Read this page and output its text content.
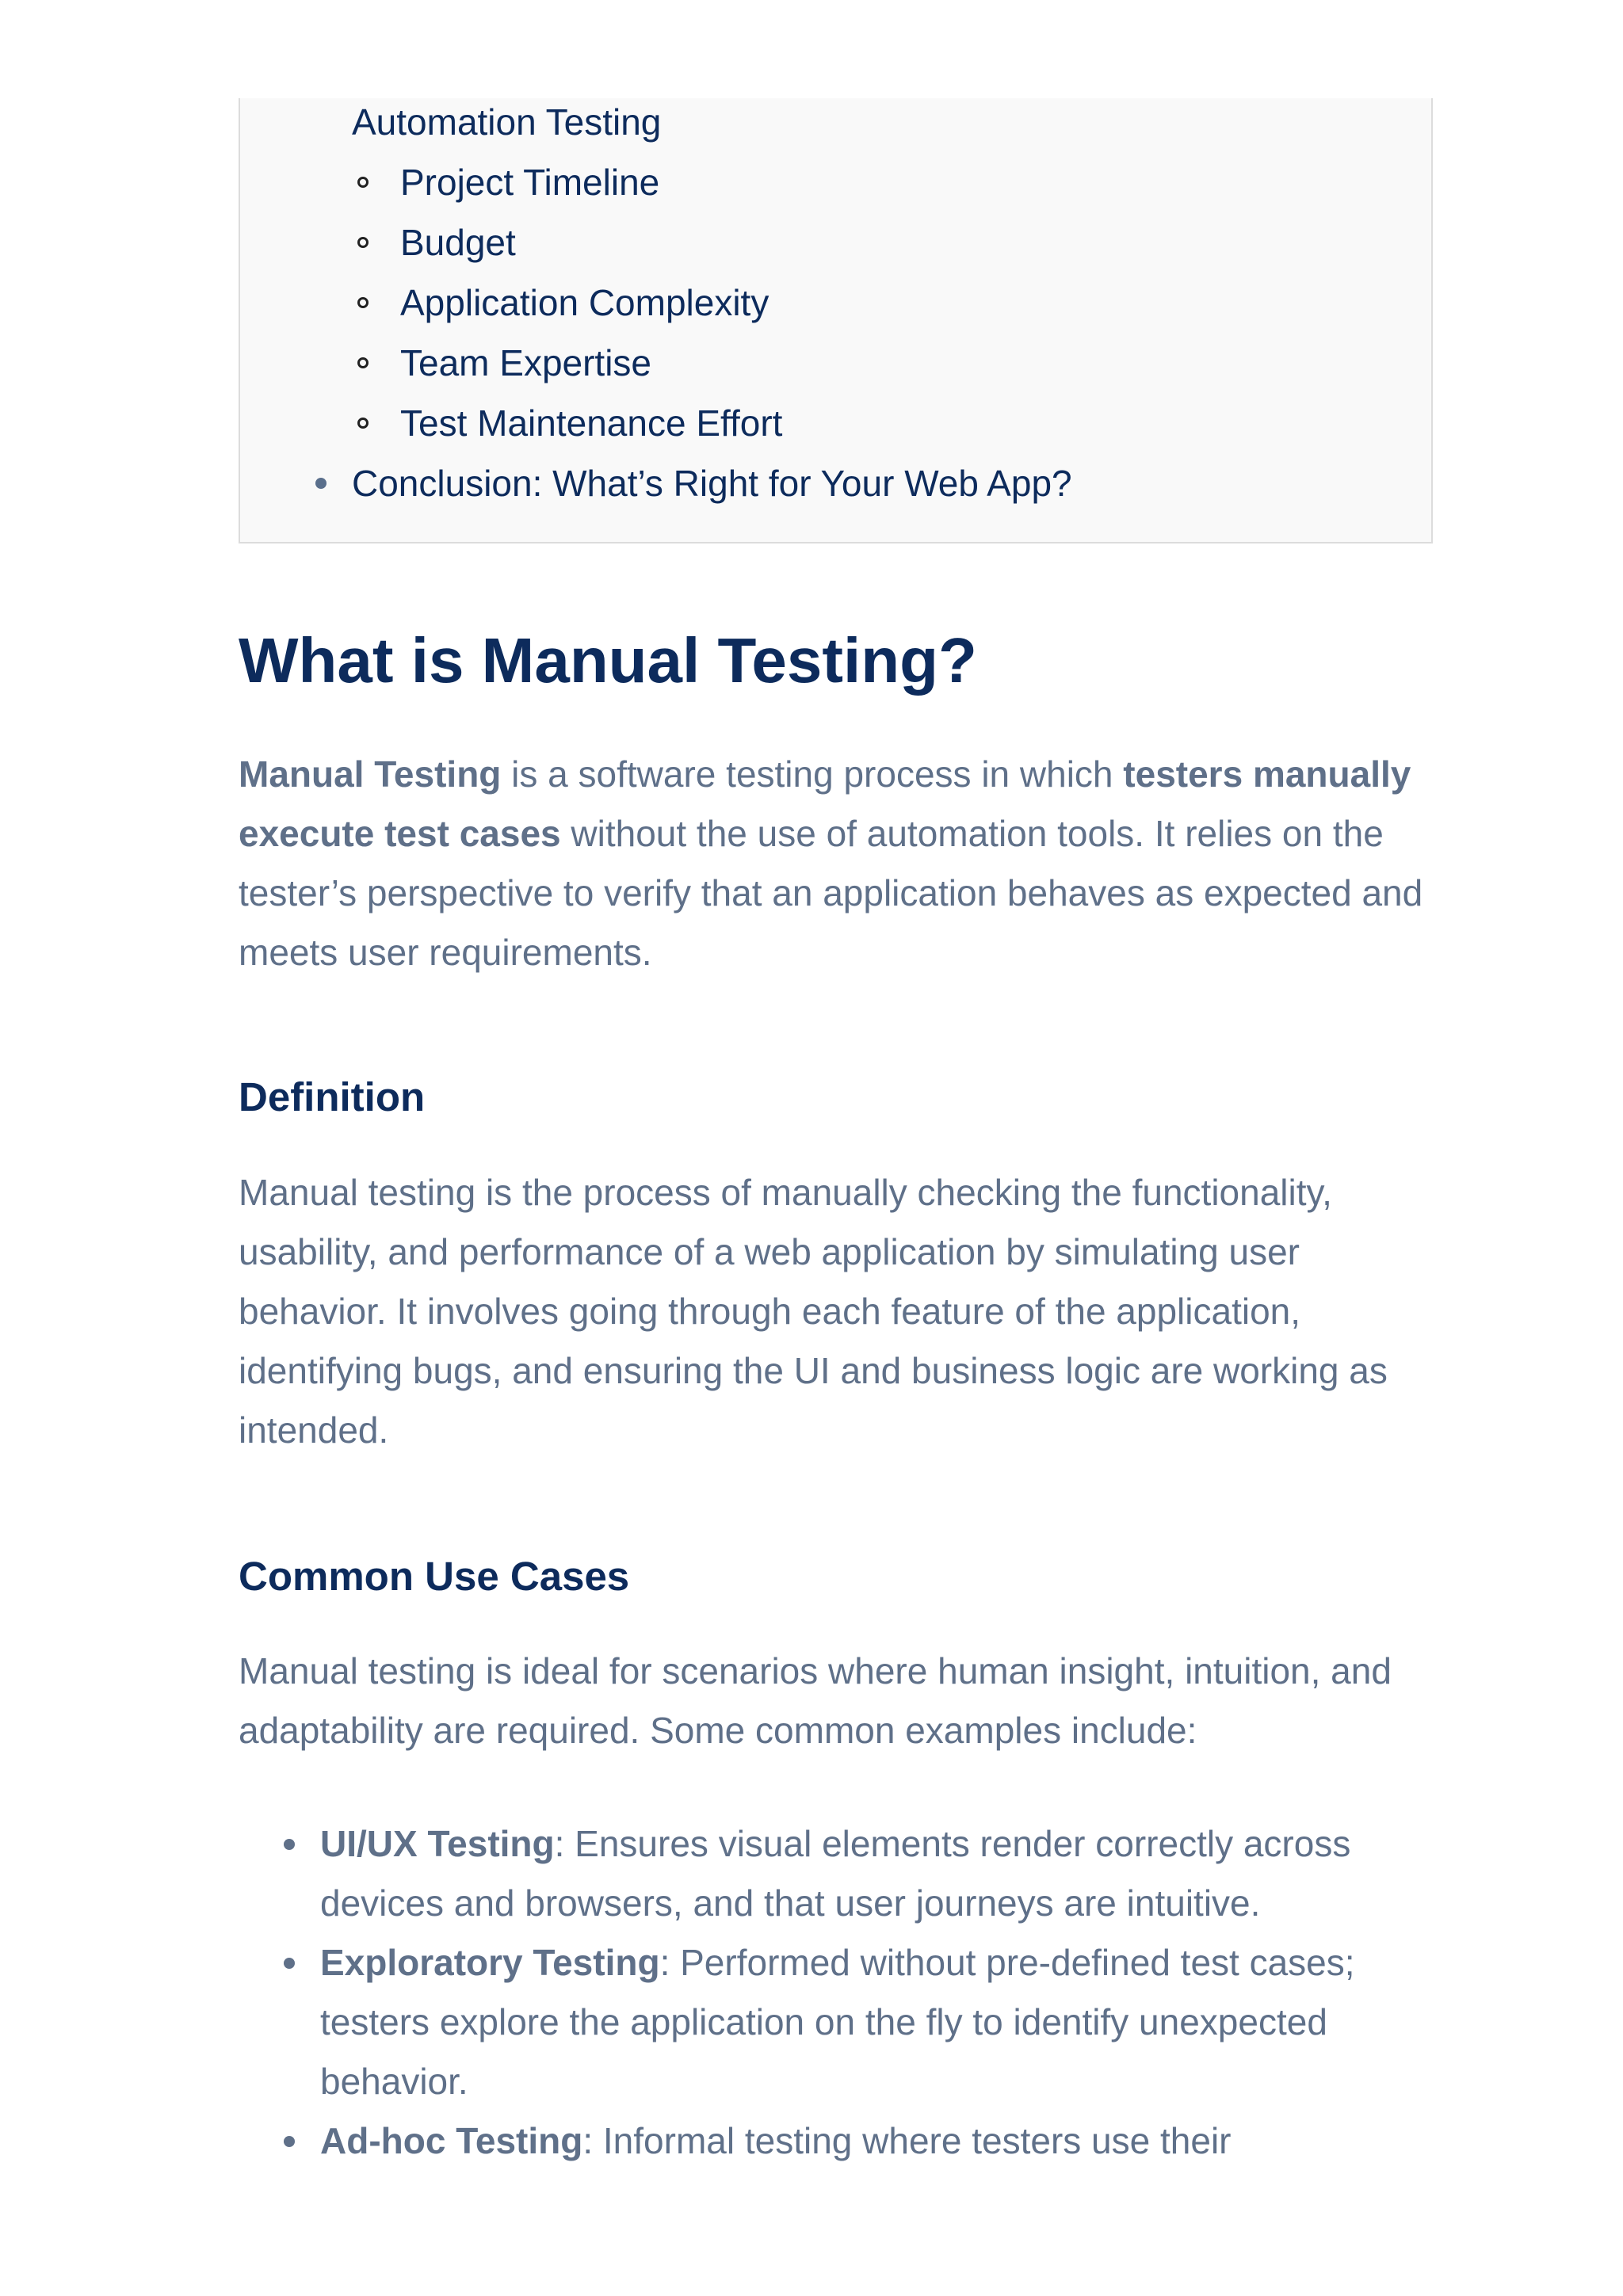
Automation Testing
Project Timeline
Budget
Application Complexity
Team Expertise
Test Maintenance Effort
Conclusion: What’s Right for Your Web App?
What is Manual Testing?

Manual Testing is a software testing process in which testers manually execute test cases without the use of automation tools. It relies on the tester’s perspective to verify that an application behaves as expected and meets user requirements.

Definition

Manual testing is the process of manually checking the functionality, usability, and performance of a web application by simulating user behavior. It involves going through each feature of the application, identifying bugs, and ensuring the UI and business logic are working as intended.

Common Use Cases

Manual testing is ideal for scenarios where human insight, intuition, and adaptability are required. Some common examples include:

UI/UX Testing: Ensures visual elements render correctly across devices and browsers, and that user journeys are intuitive.
Exploratory Testing: Performed without pre-defined test cases; testers explore the application on the fly to identify unexpected behavior.
Ad-hoc Testing: Informal testing where testers use their
